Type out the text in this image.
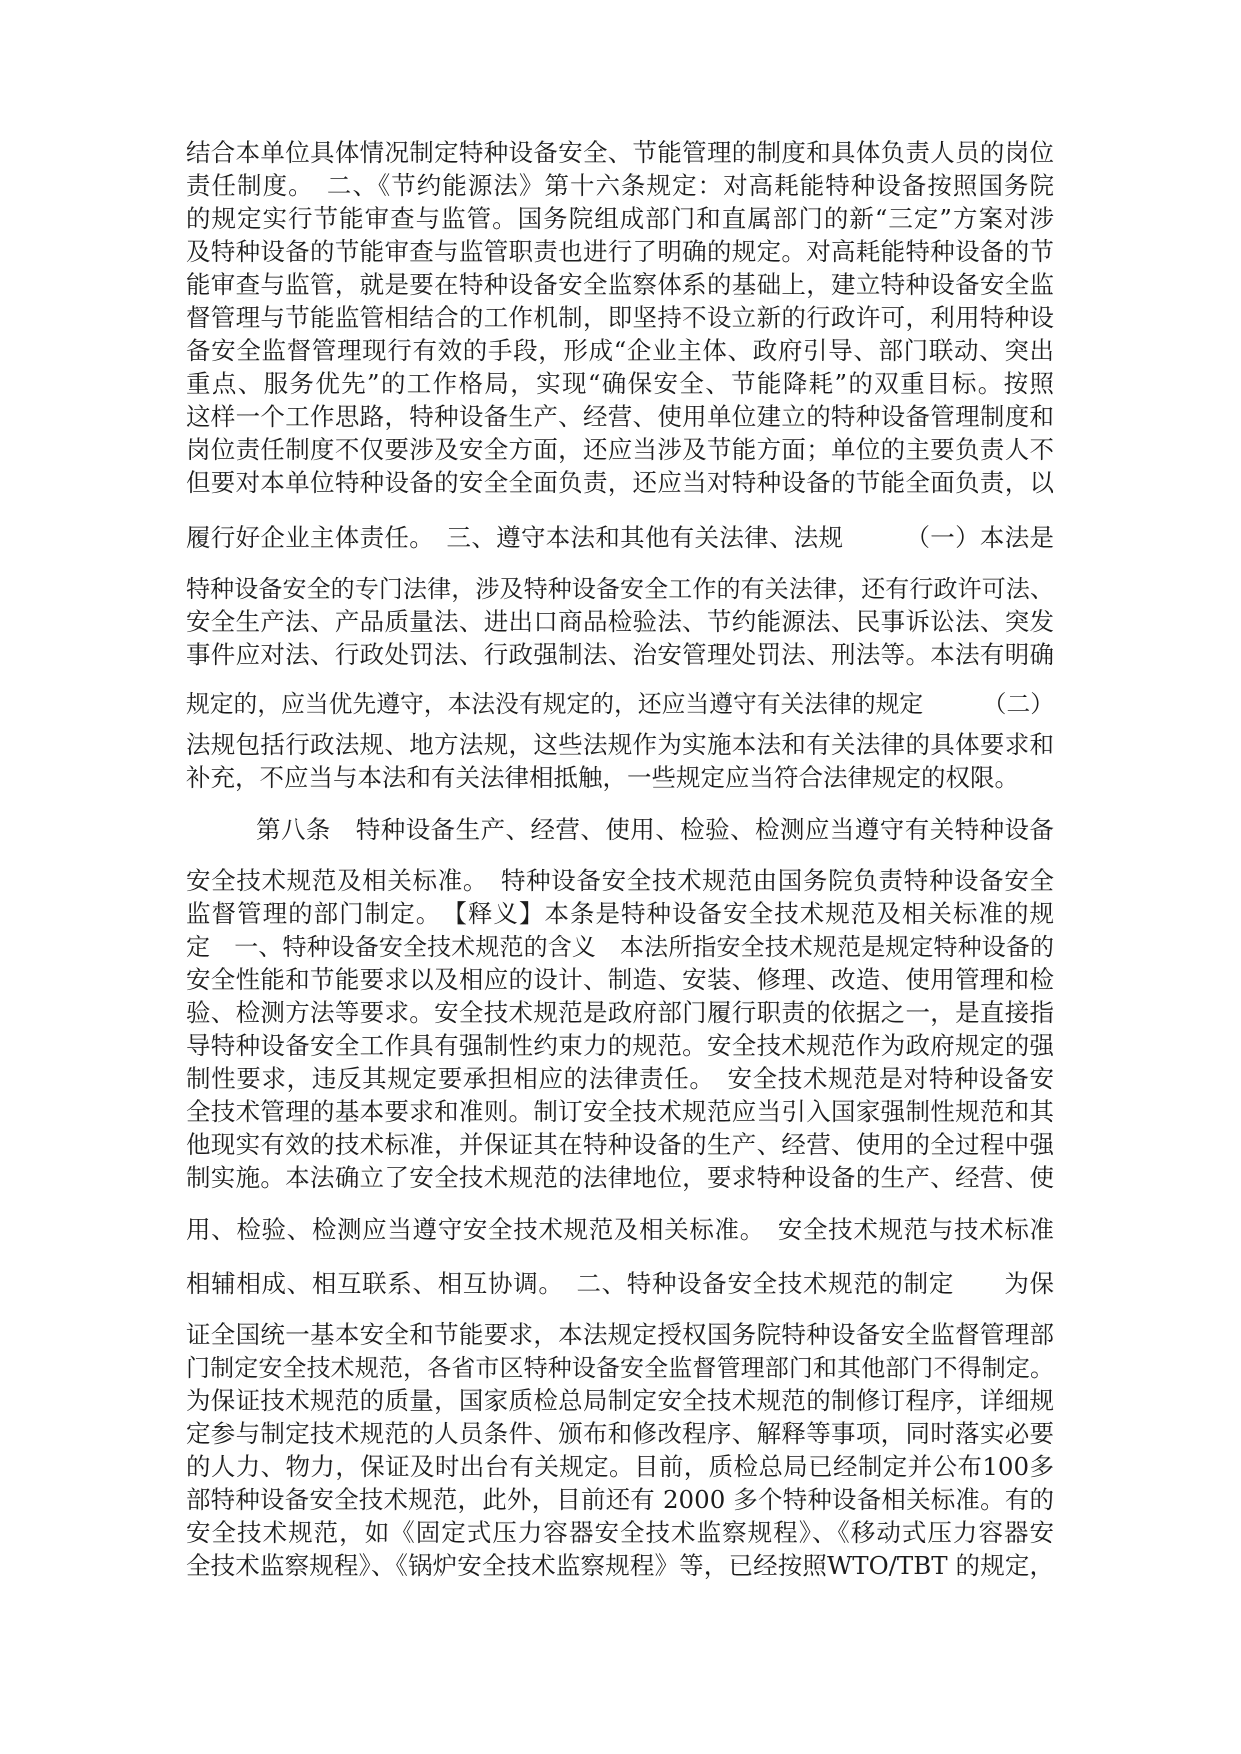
结合本单位具体情况制定特种设备安全、节能管理的制度和具体负责人员的岗位
责任制度。　二、《节约能源法》第十六条规定：对高耗能特种设备按照国务院
的规定实行节能审查与监管。国务院组成部门和直属部门的新“三定”方案对涉
及特种设备的节能审查与监管职责也进行了明确的规定。对高耗能特种设备的节
能审查与监管，就是要在特种设备安全监察体系的基础上，建立特种设备安全监
督管理与节能监管相结合的工作机制，即坚持不设立新的行政许可，利用特种设
备安全监督管理现行有效的手段，形成“企业主体、政府引导、部门联动、突出
重点、服务优先”的工作格局，实现“确保安全、节能降耗”的双重目标。按照
这样一个工作思路，特种设备生产、经营、使用单位建立的特种设备管理制度和
岗位责任制度不仅要涉及安全方面，还应当涉及节能方面；单位的主要负责人不
但要对本单位特种设备的安全全面负责，还应当对特种设备的节能全面负责，以
履行好企业主体责任。　三、遵守本法和其他有关法律、法规　　　（一）本法是
特种设备安全的专门法律，涉及特种设备安全工作的有关法律，还有行政许可法、
安全生产法、产品质量法、进出口商品检验法、节约能源法、民事诉讼法、突发
事件应对法、行政处罚法、行政强制法、治安管理处罚法、刑法等。本法有明确
规定的，应当优先遵守，本法没有规定的，还应当遵守有关法律的规定　　　（二）
法规包括行政法规、地方法规，这些法规作为实施本法和有关法律的具体要求和
补充，不应当与本法和有关法律相抵触，一些规定应当符合法律规定的权限。
第八条　特种设备生产、经营、使用、检验、检测应当遵守有关特种设备
安全技术规范及相关标准。　特种设备安全技术规范由国务院负责特种设备安全
监督管理的部门制定。　【释义】本条是特种设备安全技术规范及相关标准的规
定　一、特种设备安全技术规范的含义　本法所指安全技术规范是规定特种设备的
安全性能和节能要求以及相应的设计、制造、安装、修理、改造、使用管理和检
验、检测方法等要求。安全技术规范是政府部门履行职责的依据之一，是直接指
导特种设备安全工作具有强制性约束力的规范。安全技术规范作为政府规定的强
制性要求，违反其规定要承担相应的法律责任。　安全技术规范是对特种设备安
全技术管理的基本要求和准则。制订安全技术规范应当引入国家强制性规范和其
他现实有效的技术标准，并保证其在特种设备的生产、经营、使用的全过程中强
制实施。本法确立了安全技术规范的法律地位，要求特种设备的生产、经营、使
用、检验、检测应当遵守安全技术规范及相关标准。　安全技术规范与技术标准
相辅相成、相互联系、相互协调。　二、特种设备安全技术规范的制定　　为保
证全国统一基本安全和节能要求，本法规定授权国务院特种设备安全监督管理部
门制定安全技术规范，各省市区特种设备安全监督管理部门和其他部门不得制定。
为保证技术规范的质量，国家质检总局制定安全技术规范的制修订程序，详细规
定参与制定技术规范的人员条件、颁布和修改程序、解释等事项，同时落实必要
的人力、物力，保证及时出台有关规定。目前，质检总局已经制定并公布100多
部特种设备安全技术规范，此外，目前还有 2000 多个特种设备相关标准。有的
安全技术规范，如《固定式压力容器安全技术监察规程》、《移动式压力容器安
全技术监察规程》、《锅炉安全技术监察规程》等，已经按照WTO/TBT 的规定，
